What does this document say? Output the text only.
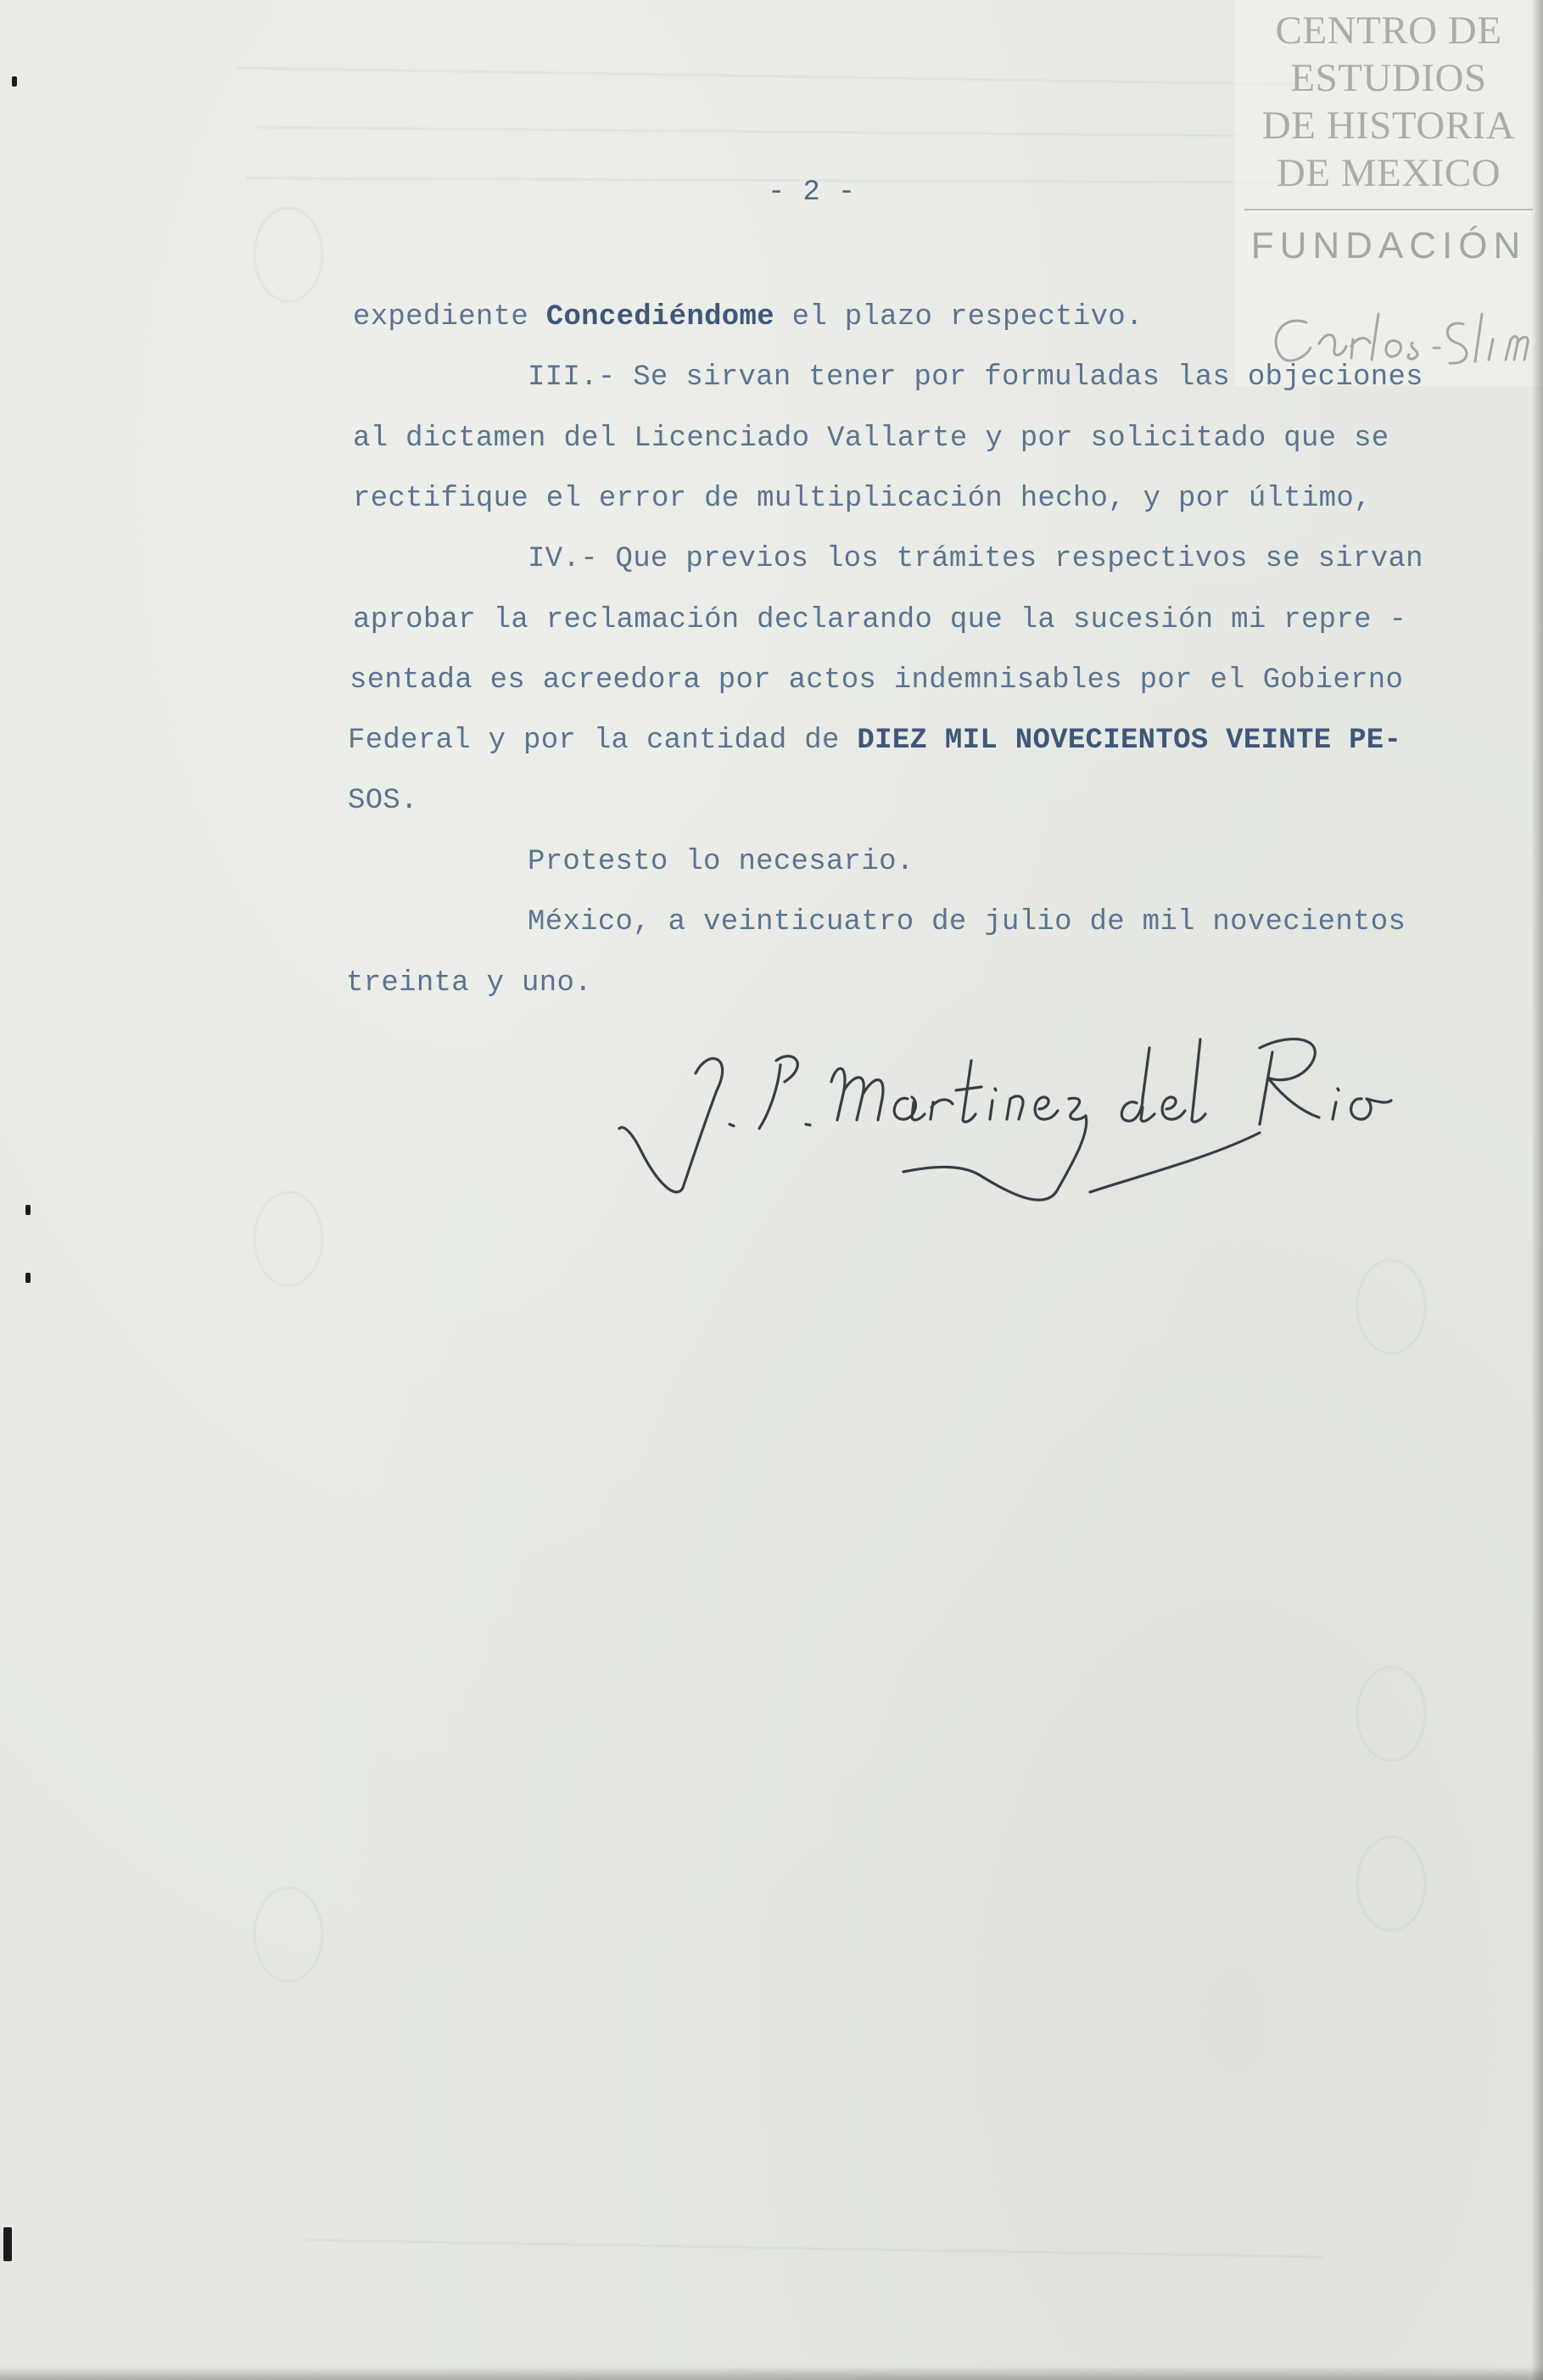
CENTRO DE
ESTUDIOS
DE HISTORIA
DE MEXICO
FUNDACIÓN
- 2 -
expediente Concediéndome el plazo respectivo.
III.- Se sirvan tener por formuladas las objeciones
al dictamen del Licenciado Vallarte y por solicitado que se
rectifique el error de multiplicación hecho, y por último,
IV.- Que previos los trámites respectivos se sirvan
aprobar la reclamación declarando que la sucesión mi repre -
sentada es acreedora por actos indemnisables por el Gobierno
Federal y por la cantidad de DIEZ MIL NOVECIENTOS VEINTE PE-
SOS.
Protesto lo necesario.
México, a veinticuatro de julio de mil novecientos
treinta y uno.
